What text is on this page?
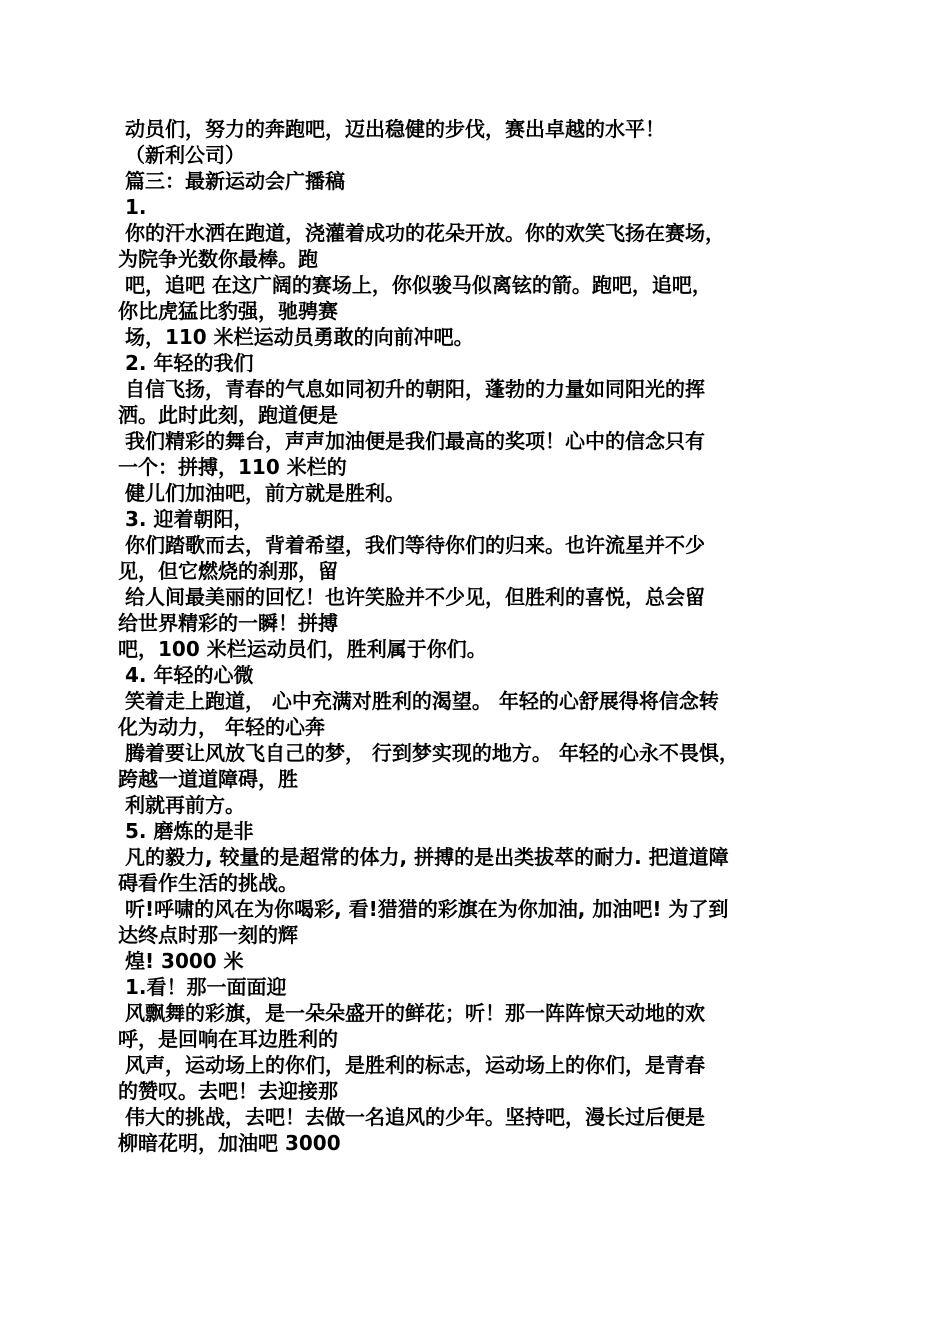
动员们，努力的奔跑吧，迈出稳健的步伐，赛出卓越的水平！
（新利公司）
篇三：最新运动会广播稿
1.
你的汗水洒在跑道，浇灌着成功的花朵开放。你的欢笑飞扬在赛场，
为院争光数你最棒。跑
吧，追吧 在这广阔的赛场上，你似骏马似离铉的箭。跑吧，追吧，
你比虎猛比豹强，驰骋赛
场，110 米栏运动员勇敢的向前冲吧。
2. 年轻的我们
自信飞扬，青春的气息如同初升的朝阳，蓬勃的力量如同阳光的挥
洒。此时此刻，跑道便是
我们精彩的舞台，声声加油便是我们最高的奖项！心中的信念只有
一个：拼搏，110 米栏的
健儿们加油吧，前方就是胜利。
3. 迎着朝阳，
你们踏歌而去，背着希望，我们等待你们的归来。也许流星并不少
见，但它燃烧的刹那，留
给人间最美丽的回忆！也许笑脸并不少见，但胜利的喜悦，总会留
给世界精彩的一瞬！拼搏
吧，100 米栏运动员们，胜利属于你们。
4. 年轻的心微
笑着走上跑道， 心中充满对胜利的渴望。 年轻的心舒展得将信念转
化为动力， 年轻的心奔
腾着要让风放飞自己的梦， 行到梦实现的地方。 年轻的心永不畏惧，
跨越一道道障碍，胜
利就再前方。
5. 磨炼的是非
凡的毅力, 较量的是超常的体力, 拼搏的是出类拔萃的耐力. 把道道障
碍看作生活的挑战。
听!呼啸的风在为你喝彩, 看!猎猎的彩旗在为你加油, 加油吧! 为了到
达终点时那一刻的辉
煌! 3000 米
1.看！那一面面迎
风飘舞的彩旗，是一朵朵盛开的鲜花；听！那一阵阵惊天动地的欢
呼，是回响在耳边胜利的
风声，运动场上的你们，是胜利的标志，运动场上的你们，是青春
的赞叹。去吧！去迎接那
伟大的挑战，去吧！去做一名追风的少年。坚持吧，漫长过后便是
柳暗花明，加油吧 3000
